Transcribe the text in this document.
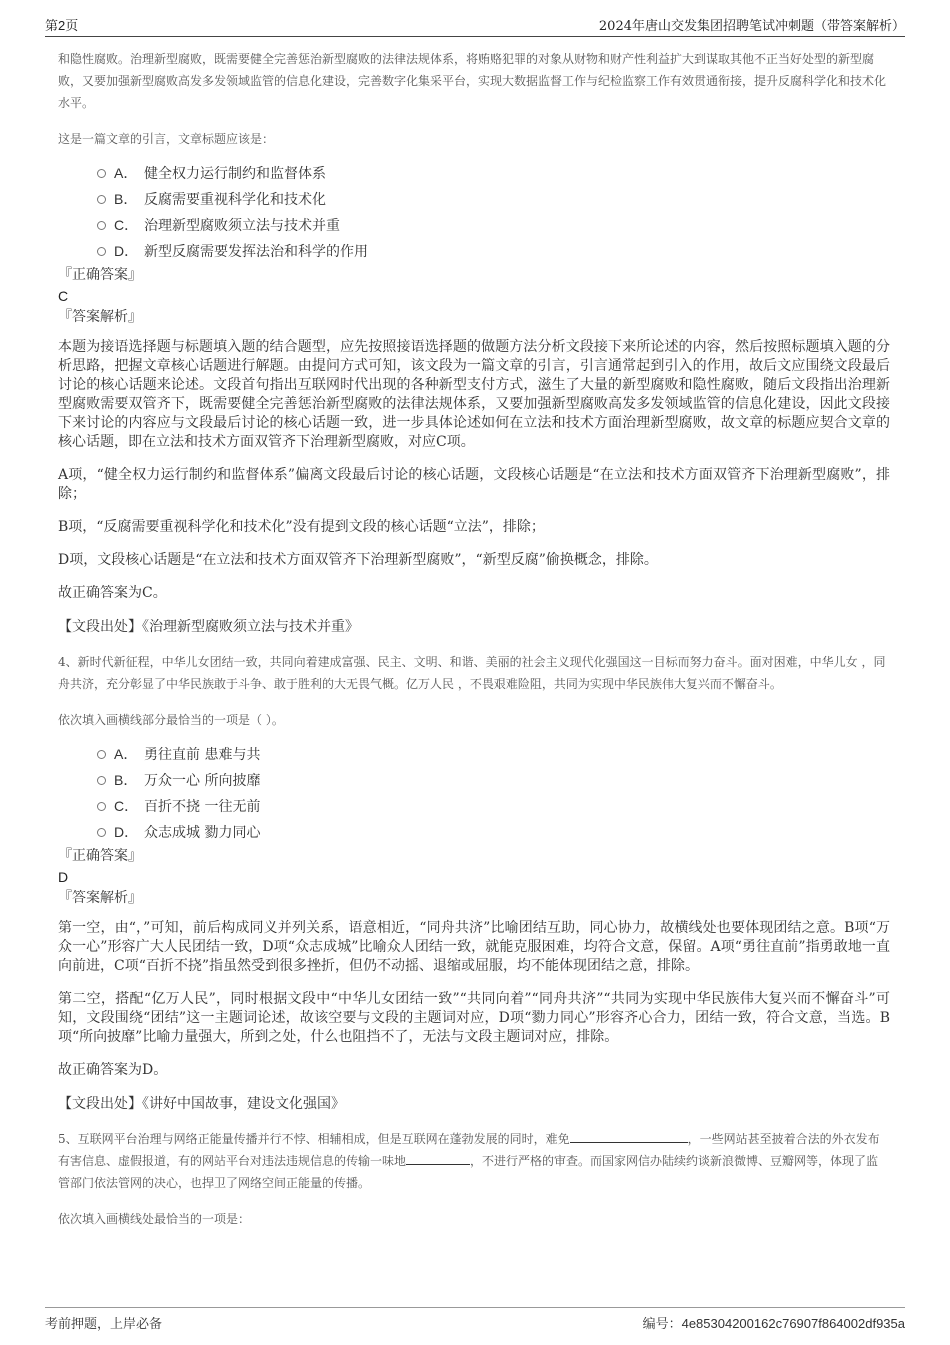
第2页	2024年唐山交发集团招聘笔试冲刺题（带答案解析）

和隐性腐败。治理新型腐败，既需要健全完善惩治新型腐败的法律法规体系，将贿赂犯罪的对象从财物和财产性利益扩大到谋取其他不正当好处型的新型腐败，又要加强新型腐败高发多发领域监管的信息化建设，完善数字化集采平台，实现大数据监督工作与纪检监察工作有效贯通衔接，提升反腐科学化和技术化水平。

这是一篇文章的引言，文章标题应该是：

A． 健全权力运行制约和监督体系
B． 反腐需要重视科学化和技术化
C． 治理新型腐败须立法与技术并重
D． 新型反腐需要发挥法治和科学的作用

『正确答案』

C

『答案解析』

本题为接语选择题与标题填入题的结合题型，应先按照接语选择题的做题方法分析文段接下来所论述的内容，然后按照标题填入题的分析思路，把握文章核心话题进行解题。由提问方式可知，该文段为一篇文章的引言，引言通常起到引入的作用，故后文应围绕文段最后讨论的核心话题来论述。文段首句指出互联网时代出现的各种新型支付方式，滋生了大量的新型腐败和隐性腐败，随后文段指出治理新型腐败需要双管齐下，既需要健全完善惩治新型腐败的法律法规体系，又要加强新型腐败高发多发领域监管的信息化建设，因此文段接下来讨论的内容应与文段最后讨论的核心话题一致，进一步具体论述如何在立法和技术方面治理新型腐败，故文章的标题应契合文章的核心话题，即在立法和技术方面双管齐下治理新型腐败，对应C项。

A项，“健全权力运行制约和监督体系”偏离文段最后讨论的核心话题，文段核心话题是“在立法和技术方面双管齐下治理新型腐败”，排除；

B项，“反腐需要重视科学化和技术化”没有提到文段的核心话题“立法”，排除；

D项，文段核心话题是“在立法和技术方面双管齐下治理新型腐败”，“新型反腐”偷换概念，排除。

故正确答案为C。

【文段出处】《治理新型腐败须立法与技术并重》

4、新时代新征程，中华儿女团结一致，共同向着建成富强、民主、文明、和谐、美丽的社会主义现代化强国这一目标而努力奋斗。面对困难，中华儿女 ，同舟共济，充分彰显了中华民族敢于斗争、敢于胜利的大无畏气概。亿万人民 ，不畏艰难险阻，共同为实现中华民族伟大复兴而不懈奋斗。

依次填入画横线部分最恰当的一项是（ ）。

A． 勇往直前 患难与共
B． 万众一心 所向披靡
C． 百折不挠 一往无前
D． 众志成城 勠力同心

『正确答案』

D

『答案解析』

第一空，由“，”可知，前后构成同义并列关系，语意相近，“同舟共济”比喻团结互助，同心协力，故横线处也要体现团结之意。B项“万众一心”形容广大人民团结一致，D项“众志成城”比喻众人团结一致，就能克服困难，均符合文意，保留。A项“勇往直前”指勇敢地一直向前进，C项“百折不挠”指虽然受到很多挫折，但仍不动摇、退缩或屈服，均不能体现团结之意，排除。

第二空，搭配“亿万人民”，同时根据文段中“中华儿女团结一致”“共同向着”“同舟共济”“共同为实现中华民族伟大复兴而不懈奋斗”可知，文段围绕“团结”这一主题词论述，故该空要与文段的主题词对应，D项“勠力同心”形容齐心合力，团结一致，符合文意，当选。B项“所向披靡”比喻力量强大，所到之处，什么也阻挡不了，无法与文段主题词对应，排除。

故正确答案为D。

【文段出处】《讲好中国故事，建设文化强国》

5、互联网平台治理与网络正能量传播并行不悖、相辅相成，但是互联网在蓬勃发展的同时，难免	，一些网站甚至披着合法的外衣发布有害信息、虚假报道，有的网站平台对违法违规信息的传输一味地	，不进行严格的审查。而国家网信办陆续约谈新浪微博、豆瓣网等，体现了监管部门依法管网的决心，也捍卫了网络空间正能量的传播。

依次填入画横线处最恰当的一项是：

考前押题，上岸必备	编号：4e85304200162c76907f864002df935a
